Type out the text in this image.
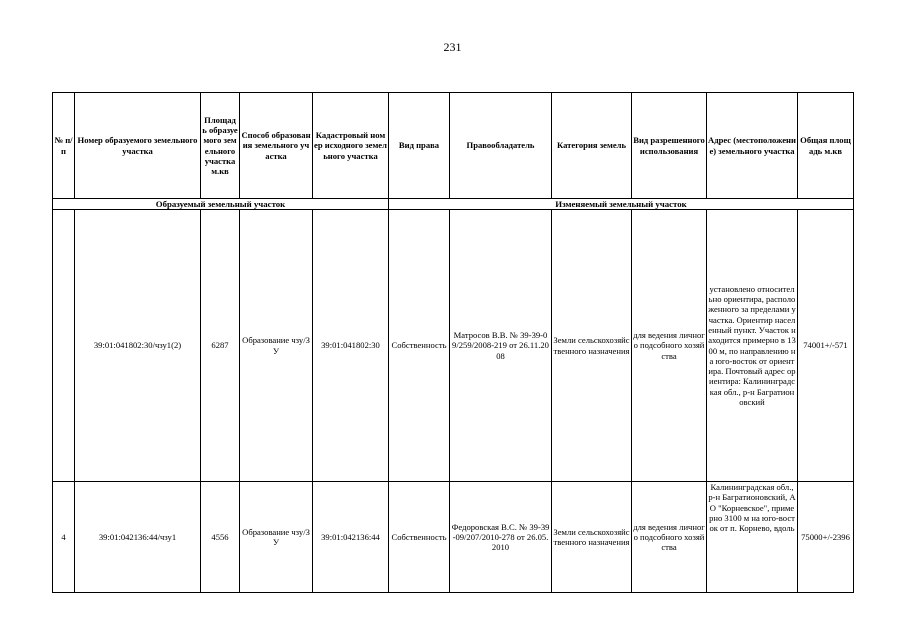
231
№ п/п	Номер образуемого земельного участка	Площадь образуемого земельного участка м.кв	Способ образования земельного участка	Кадастровый номер исходного земельного участка	Вид права	Правообладатель	Категория земель	Вид разрешенного использования	Адрес (местоположение) земельного участка	Общая площадь м.кв
Образуемый земельный участок					Изменяемый земельный участок					
	39:01:041802:30/чзу1(2)	6287	Образование чзу/ЗУ	39:01:041802:30	Собственность	Матросов В.В. № 39-39-09/259/2008-219 от 26.11.2008	Земли сельскохозяйственного назначения	для ведения личного подсобного хозяйства	установлено относительно ориентира, расположенного за пределами участка. Ориентир населенный пункт. Участок находится примерно в 1300 м, по направлению на юго-восток от ориентира. Почтовый адрес ориентира: Калининградская обл., р-н Багратионовский	74001+/-571
4	39:01:042136:44/чзу1	4556	Образование чзу/ЗУ	39:01:042136:44	Собственность	Федоровская В.С. № 39-39-09/207/2010-278 от 26.05.2010	Земли сельскохозяйственного назначения	для ведения личного подсобного хозяйства	Калининградская обл., р-н Багратионовский, АО "Корневское", примерно 3100 м на юго-восток от п. Корнево, вдоль	75000+/-2396
